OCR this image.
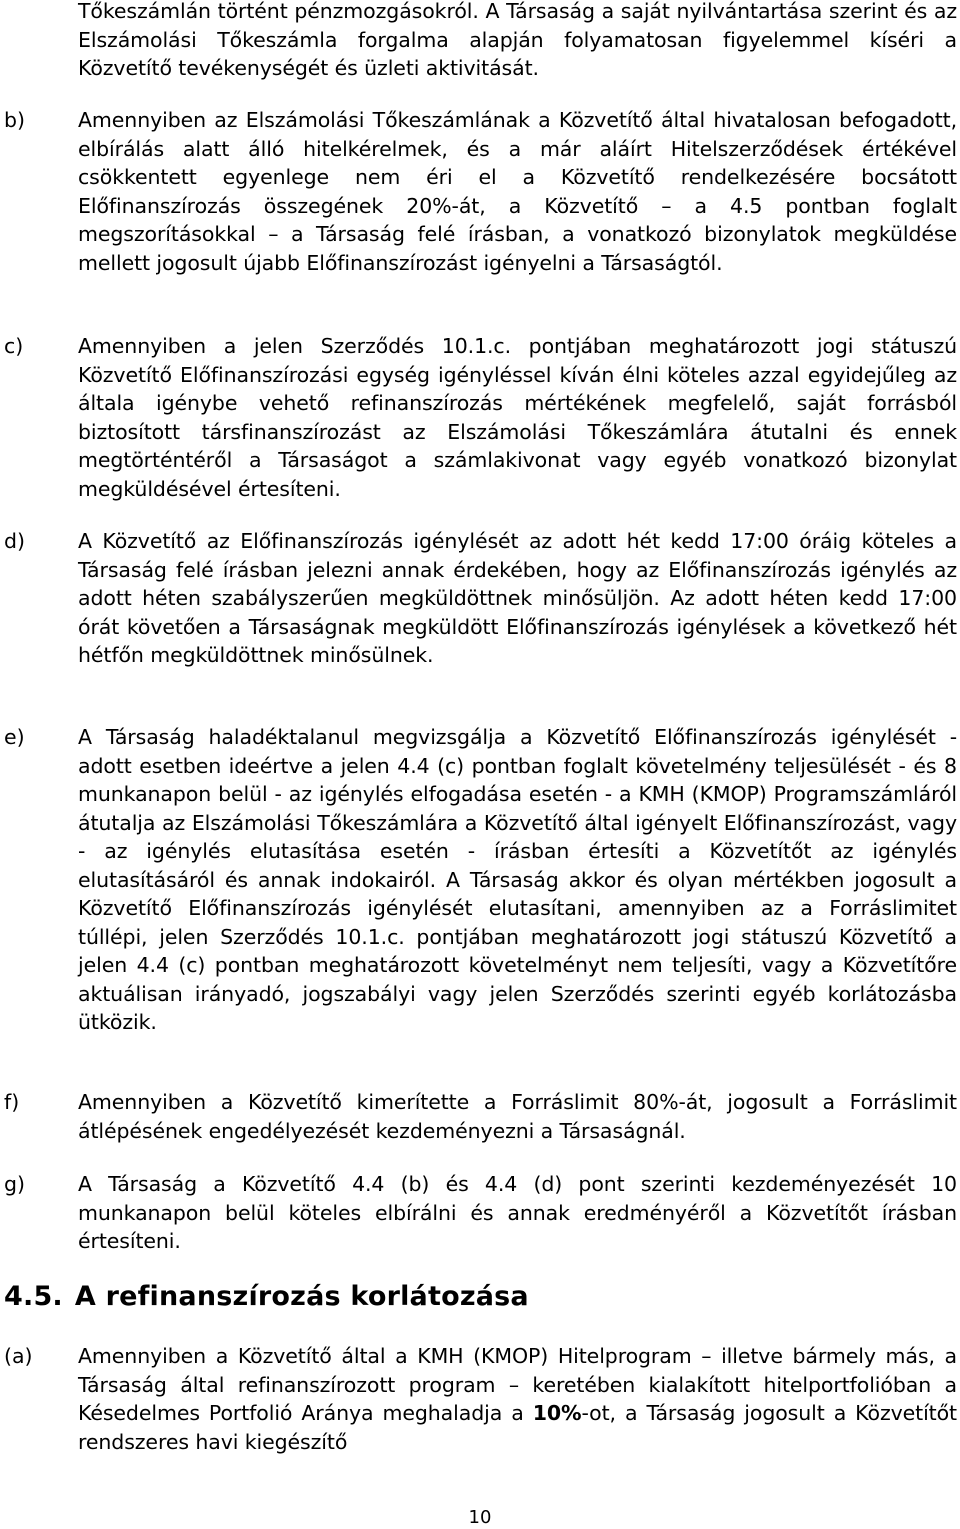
Tőkeszámlán történt pénzmozgásokról. A Társaság a saját nyilvántartása szerint és az Elszámolási Tőkeszámla forgalma alapján folyamatosan figyelemmel kíséri a Közvetítő tevékenységét és üzleti aktivitását.
b)	Amennyiben az Elszámolási Tőkeszámlának a Közvetítő által hivatalosan befogadott, elbírálás alatt álló hitelkérelmek, és a már aláírt Hitelszerződések értékével csökkentett egyenlege nem éri el a Közvetítő rendelkezésére bocsátott Előfinanszírozás összegének 20%-át, a Közvetítő – a 4.5 pontban foglalt megszorításokkal – a Társaság felé írásban, a vonatkozó bizonylatok megküldése mellett jogosult újabb Előfinanszírozást igényelni a Társaságtól.
c)	Amennyiben a jelen Szerződés 10.1.c. pontjában meghatározott jogi státuszú Közvetítő Előfinanszírozási egység igényléssel kíván élni köteles azzal egyidejűleg az általa igénybe vehető refinanszírozás mértékének megfelelő, saját forrásból biztosított társfinanszírozást az Elszámolási Tőkeszámlára átutalni és ennek megtörténtéről a Társaságot a számlakivonat vagy egyéb vonatkozó bizonylat megküldésével értesíteni.
d)	A Közvetítő az Előfinanszírozás igénylését az adott hét kedd 17:00 óráig köteles a Társaság felé írásban jelezni annak érdekében, hogy az Előfinanszírozás igénylés az adott héten szabályszerűen megküldöttnek minősüljön. Az adott héten kedd 17:00 órát követően a Társaságnak megküldött Előfinanszírozás igénylések a következő hét hétfőn megküldöttnek minősülnek.
e)	A Társaság haladéktalanul megvizsgálja a Közvetítő Előfinanszírozás igénylését - adott esetben ideértve a jelen 4.4 (c) pontban foglalt követelmény teljesülését - és 8 munkanapon belül - az igénylés elfogadása esetén - a KMH (KMOP) Programszámláról átutalja az Elszámolási Tőkeszámlára a Közvetítő által igényelt Előfinanszírozást, vagy - az igénylés elutasítása esetén - írásban értesíti a Közvetítőt az igénylés elutasításáról és annak indokairól. A Társaság akkor és olyan mértékben jogosult a Közvetítő Előfinanszírozás igénylését elutasítani, amennyiben az a Forráslimitet túllépi, jelen Szerződés 10.1.c. pontjában meghatározott jogi státuszú Közvetítő a jelen 4.4 (c) pontban meghatározott követelményt nem teljesíti, vagy a Közvetítőre aktuálisan irányadó, jogszabályi vagy jelen Szerződés szerinti egyéb korlátozásba ütközik.
f)	Amennyiben a Közvetítő kimerítette a Forráslimit 80%-át, jogosult a Forráslimit átlépésének engedélyezését kezdeményezni a Társaságnál.
g)	A Társaság a Közvetítő 4.4 (b) és 4.4 (d) pont szerinti kezdeményezését 10 munkanapon belül köteles elbírálni és annak eredményéről a Közvetítőt írásban értesíteni.
4.5. A refinanszírozás korlátozása
(a) Amennyiben a Közvetítő által a KMH (KMOP) Hitelprogram – illetve bármely más, a Társaság által refinanszírozott program – keretében kialakított hitelportfolióban a Késedelmes Portfolió Aránya meghaladja a 10%-ot, a Társaság jogosult a Közvetítőt rendszeres havi kiegészítő
10
